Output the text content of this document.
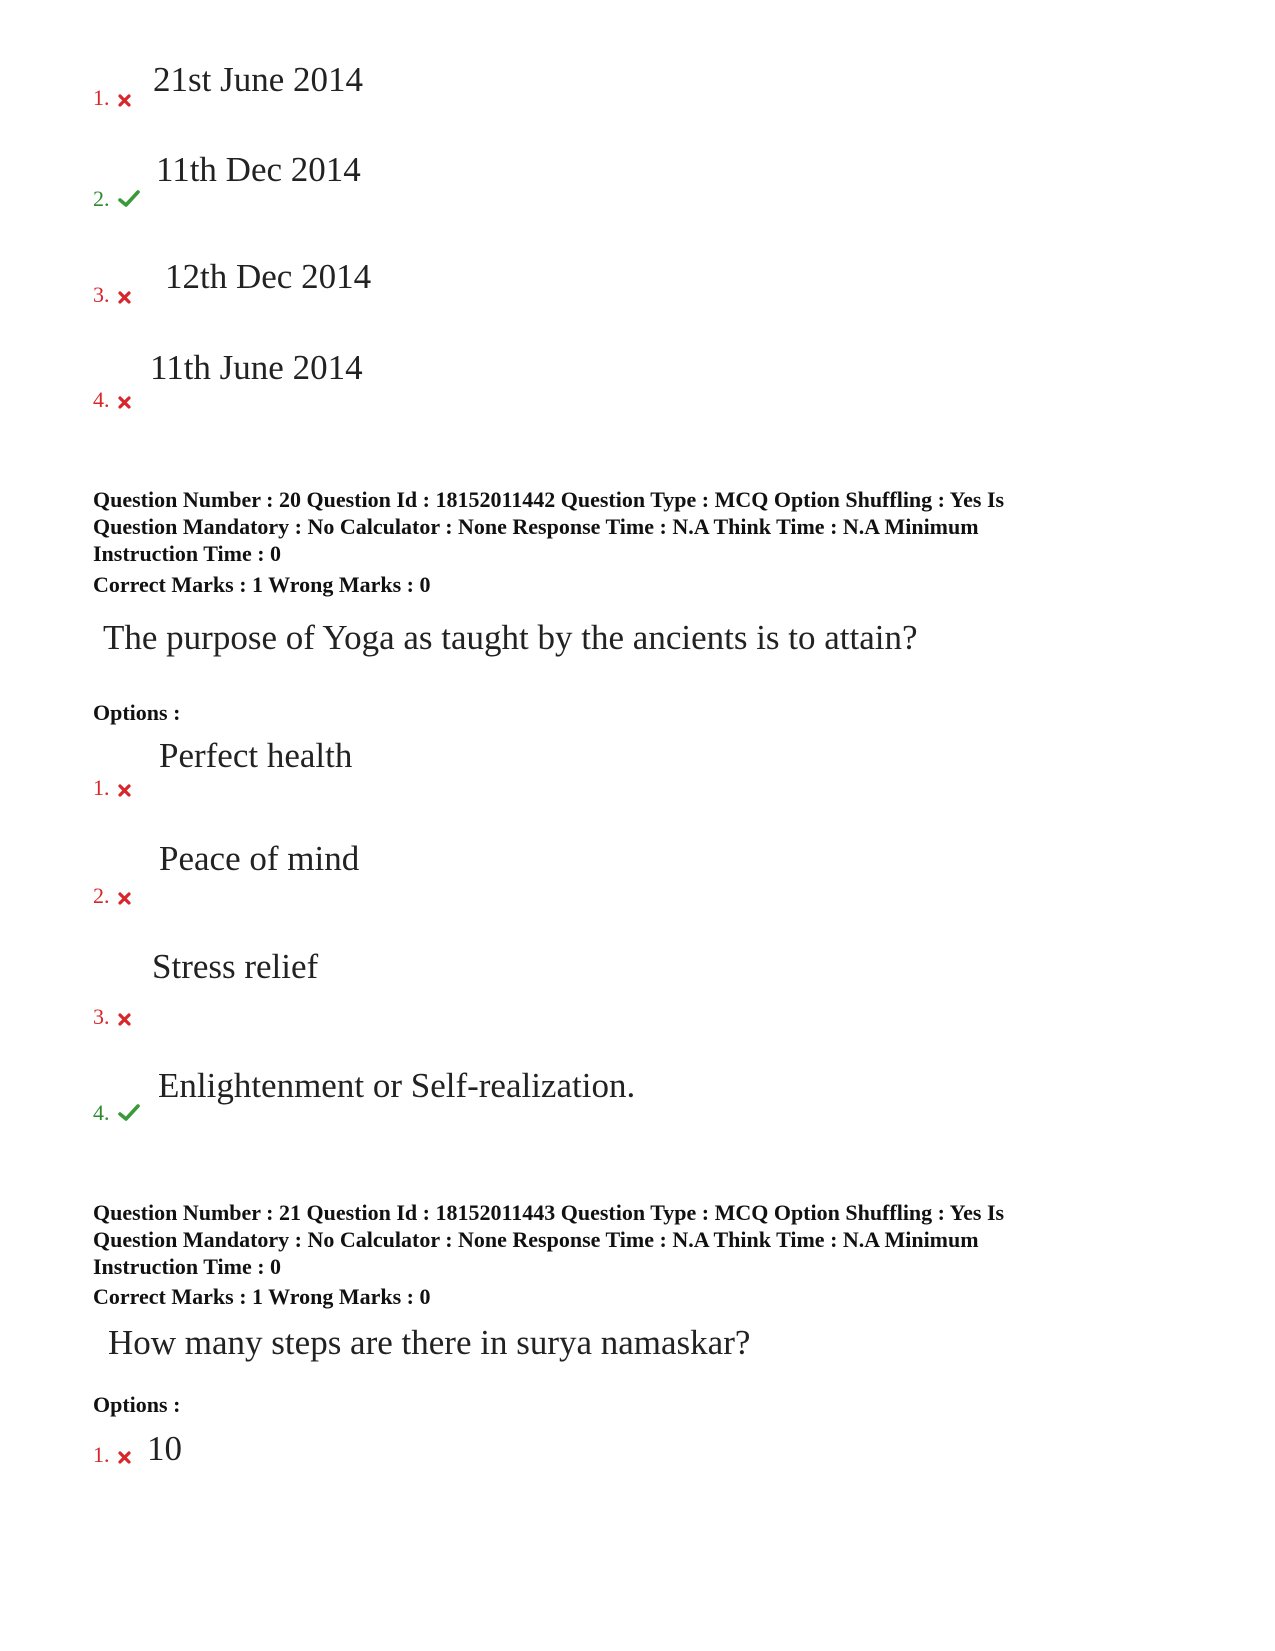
21st June 2014
1.
11th Dec 2014
2.
12th Dec 2014
3.
11th June 2014
4.
Question Number : 20 Question Id : 18152011442 Question Type : MCQ Option Shuffling : Yes Is
Question Mandatory : No Calculator : None Response Time : N.A Think Time : N.A Minimum
Instruction Time : 0
Correct Marks : 1 Wrong Marks : 0
The purpose of Yoga as taught by the ancients is to attain?
Options :
Perfect health
1.
Peace of mind
2.
Stress relief
3.
Enlightenment or Self-realization.
4.
Question Number : 21 Question Id : 18152011443 Question Type : MCQ Option Shuffling : Yes Is
Question Mandatory : No Calculator : None Response Time : N.A Think Time : N.A Minimum
Instruction Time : 0
Correct Marks : 1 Wrong Marks : 0
How many steps are there in surya namaskar?
Options :
10
1.
